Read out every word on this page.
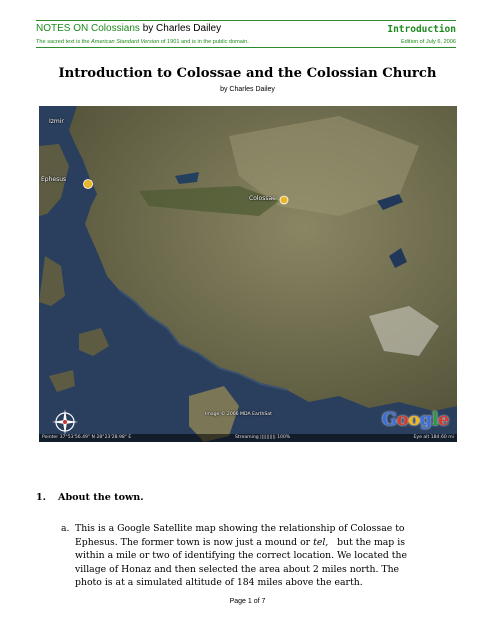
NOTES ON Colossians by Charles Dailey	Introduction
The sacred text is the American Standard Version of 1901 and is in the public domain.	Edition of July 6, 2006
Introduction to Colossae and the Colossian Church
by Charles Dailey
Izmir
Ephesus
Colossae
Image © 2006 MDA EarthSat	Google
Pointer 37°53'56.49" N 28°23'28.98" E	Streaming |||||||||| 100%	Eye alt 184.60 mi
1. About the town.
a. This is a Google Satellite map showing the relationship of Colossae to
Ephesus. The former town is now just a mound or tel, but the map is
within a mile or two of identifying the correct location. We located the
village of Honaz and then selected the area about 2 miles north. The
photo is at a simulated altitude of 184 miles above the earth.
Page 1 of 7
